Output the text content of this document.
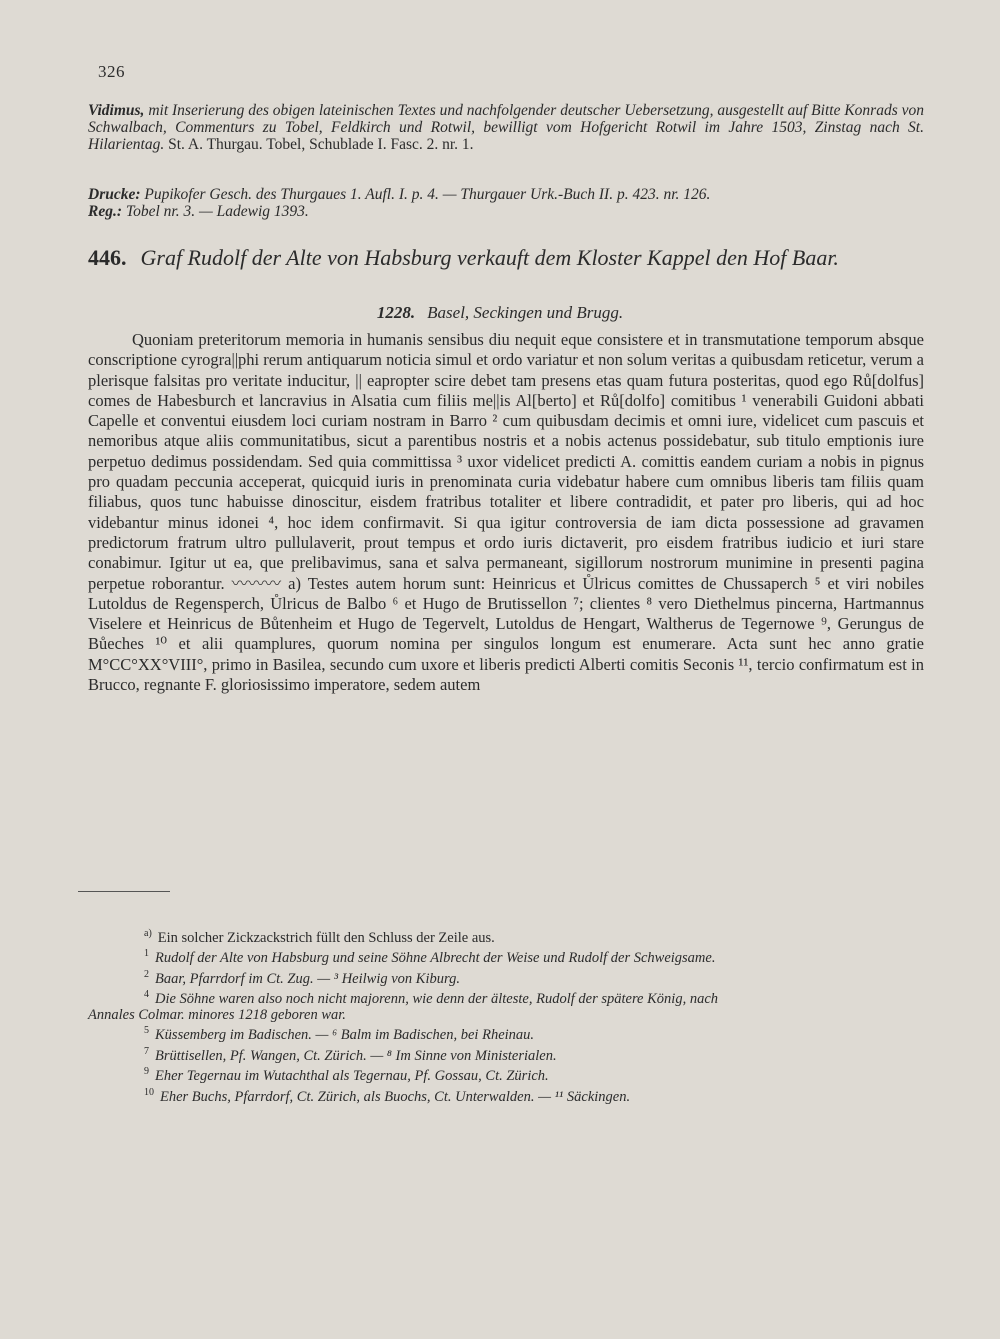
326
Vidimus, mit Inserierung des obigen lateinischen Textes und nachfolgender deutscher Uebersetzung, ausgestellt auf Bitte Konrads von Schwalbach, Commenturs zu Tobel, Feldkirch und Rotwil, bewilligt vom Hofgericht Rotwil im Jahre 1503, Zinstag nach St. Hilarientag. St. A. Thurgau. Tobel, Schublade I. Fasc. 2. nr. 1.
Drucke: Pupikofer Gesch. des Thurgaues 1. Aufl. I. p. 4. — Thurgauer Urk.-Buch II. p. 423. nr. 126.
Reg.: Tobel nr. 3. — Ladewig 1393.
446. Graf Rudolf der Alte von Habsburg verkauft dem Kloster Kappel den Hof Baar.
1228. Basel, Seckingen und Brugg.

Quoniam preteritorum memoria in humanis sensibus diu nequit eque consistere et in transmutatione temporum absque conscriptione cyrogra||phi rerum antiquarum noticia simul et ordo variatur et non solum veritas a quibusdam reticetur, verum a plerisque falsitas pro veritate inducitur, || eapropter scire debet tam presens etas quam futura posteritas, quod ego Rů[dolfus] comes de Habesburch et lancravius in Alsatia cum filiis me||is Al[berto] et Rů[dolfo] comitibus ¹ venerabili Guidoni abbati Capelle et conventui eiusdem loci curiam nostram in Barro ² cum quibusdam decimis et omni iure, videlicet cum pascuis et nemoribus atque aliis communitatibus, sicut a parentibus nostris et a nobis actenus possidebatur, sub titulo emptionis iure perpetuo dedimus possidendam. Sed quia committissa ³ uxor videlicet predicti A. comittis eandem curiam a nobis in pignus pro quadam peccunia acceperat, quicquid iuris in prenominata curia videbatur habere cum omnibus liberis tam filiis quam filiabus, quos tunc habuisse dinoscitur, eisdem fratribus totaliter et libere contradidit, et pater pro liberis, qui ad hoc videbantur minus idonei ⁴, hoc idem confirmavit. Si qua igitur controversia de iam dicta possessione ad gravamen predictorum fratrum ultro pullulaverit, prout tempus et ordo iuris dictaverit, pro eisdem fratribus iudicio et iuri stare conabimur. Igitur ut ea, que prelibavimus, sana et salva permaneant, sigillorum nostrorum munimine in presenti pagina perpetue roborantur. 〰〰〰 a) Testes autem horum sunt: Heinricus et Ůlricus comittes de Chussaperch ⁵ et viri nobiles Lutoldus de Regensperch, Ůlricus de Balbo ⁶ et Hugo de Brutissellon ⁷; clientes ⁸ vero Diethelmus pincerna, Hartmannus Viselere et Heinricus de Bůtenheim et Hugo de Tegervelt, Lutoldus de Hengart, Waltherus de Tegernowe ⁹, Gerungus de Bůeches ¹⁰ et alii quamplures, quorum nomina per singulos longum est enumerare. Acta sunt hec anno gratie M°CC°XX°VIII°, primo in Basilea, secundo cum uxore et liberis predicti Alberti comitis Seconis ¹¹, tercio confirmatum est in Brucco, regnante F. gloriosissimo imperatore, sedem autem

$^{a)}$ Ein solcher Zickzackstrich füllt den Schluss der Zeile aus.
$^1$ Rudolf der Alte von Habsburg und seine Söhne Albrecht der Weise und Rudolf der Schweigsame.
$^2$ Baar, Pfarrdorf im Ct. Zug. — ³ Heilwig von Kiburg.
$^4$ Die Söhne waren also noch nicht majorenn, wie denn der älteste, Rudolf der spätere König, nach
Annales Colmar. minores 1218 geboren war.
$^5$ Küssemberg im Badischen. — ⁶ Balm im Badischen, bei Rheinau.
$^7$ Brüttisellen, Pf. Wangen, Ct. Zürich. — ⁸ Im Sinne von Ministerialen.
$^9$ Eher Tegernau im Wutachthal als Tegernau, Pf. Gossau, Ct. Zürich.
$^{10}$ Eher Buchs, Pfarrdorf, Ct. Zürich, als Buochs, Ct. Unterwalden. — ¹¹ Säckingen.
